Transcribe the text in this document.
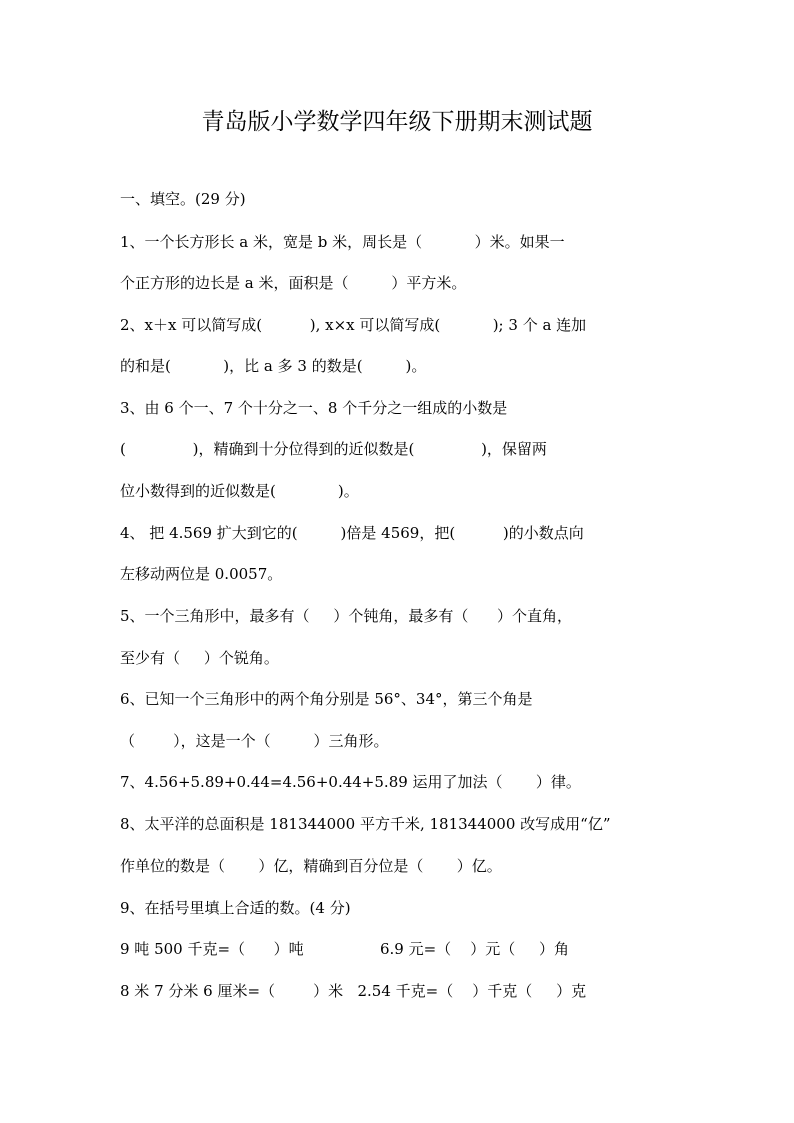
青岛版小学数学四年级下册期末测试题
一、填空。(29 分)
1、一个长方形长 a 米，宽是 b 米，周长是（           ）米。如果一
个正方形的边长是 a 米，面积是（         ）平方米。
2、x＋x 可以简写成(          ), x×x 可以简写成(           ); 3 个 a 连加
的和是(           )，比 a 多 3 的数是(         )。
3、由 6 个一、7 个十分之一、8 个千分之一组成的小数是
(              )，精确到十分位得到的近似数是(              )，保留两
位小数得到的近似数是(             )。
4、 把 4.569 扩大到它的(         )倍是 4569，把(          )的小数点向
左移动两位是 0.0057。
5、一个三角形中，最多有（     ）个钝角，最多有（      ）个直角，
至少有（     ）个锐角。
6、已知一个三角形中的两个角分别是 56°、34°，第三个角是
（        ），这是一个（         ）三角形。
7、4.56+5.89+0.44=4.56+0.44+5.89 运用了加法（       ）律。
8、太平洋的总面积是 181344000 平方千米, 181344000 改写成用“亿”
作单位的数是（       ）亿，精确到百分位是（       ）亿。
9、在括号里填上合适的数。(4 分)
9 吨 500 千克=（      ）吨                6.9 元=（    ）元（     ）角
8 米 7 分米 6 厘米=（        ）米   2.54 千克=（    ）千克（     ）克
